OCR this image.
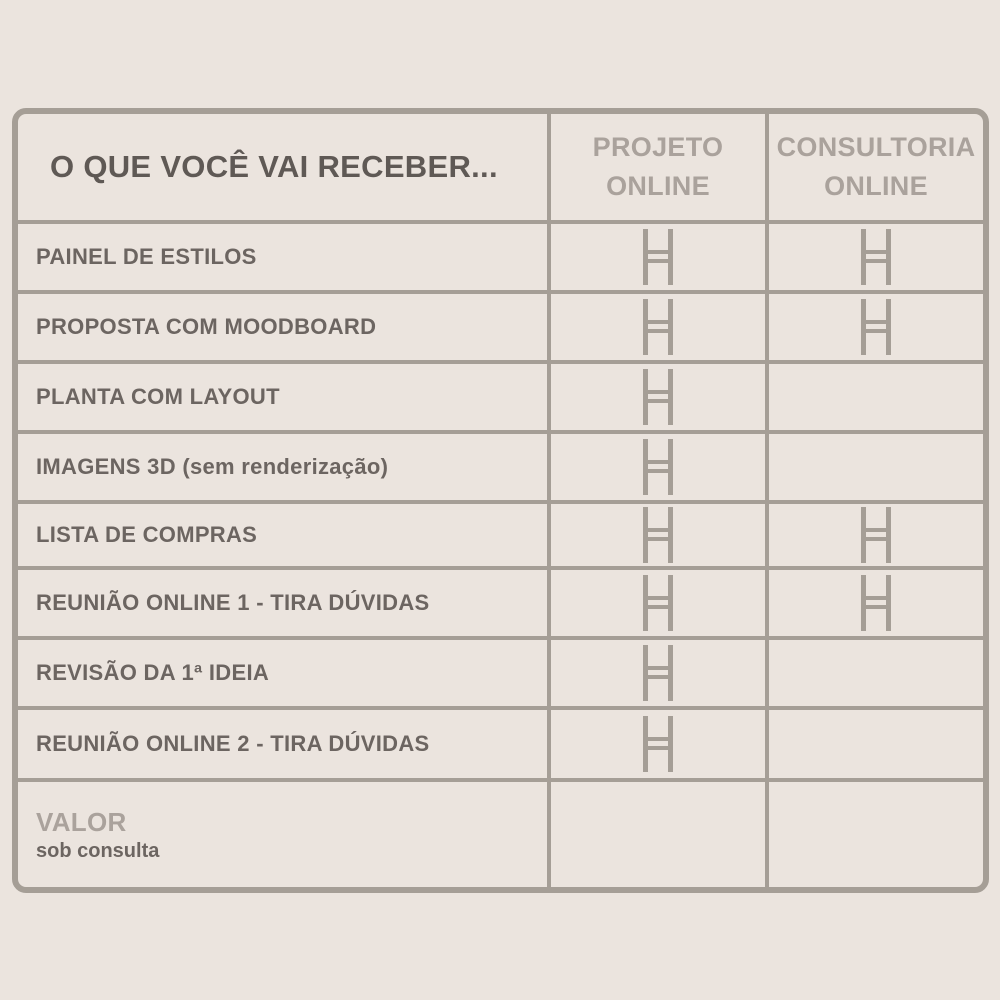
O QUE VOCÊ VAI RECEBER...
PROJETO
ONLINE
CONSULTORIA
ONLINE
PAINEL DE ESTILOS
PROPOSTA COM MOODBOARD
PLANTA COM LAYOUT
IMAGENS 3D (sem renderização)
LISTA DE COMPRAS
REUNIÃO ONLINE 1 - TIRA DÚVIDAS
REVISÃO DA 1ª IDEIA
REUNIÃO ONLINE 2 - TIRA DÚVIDAS
VALOR
sob consulta
